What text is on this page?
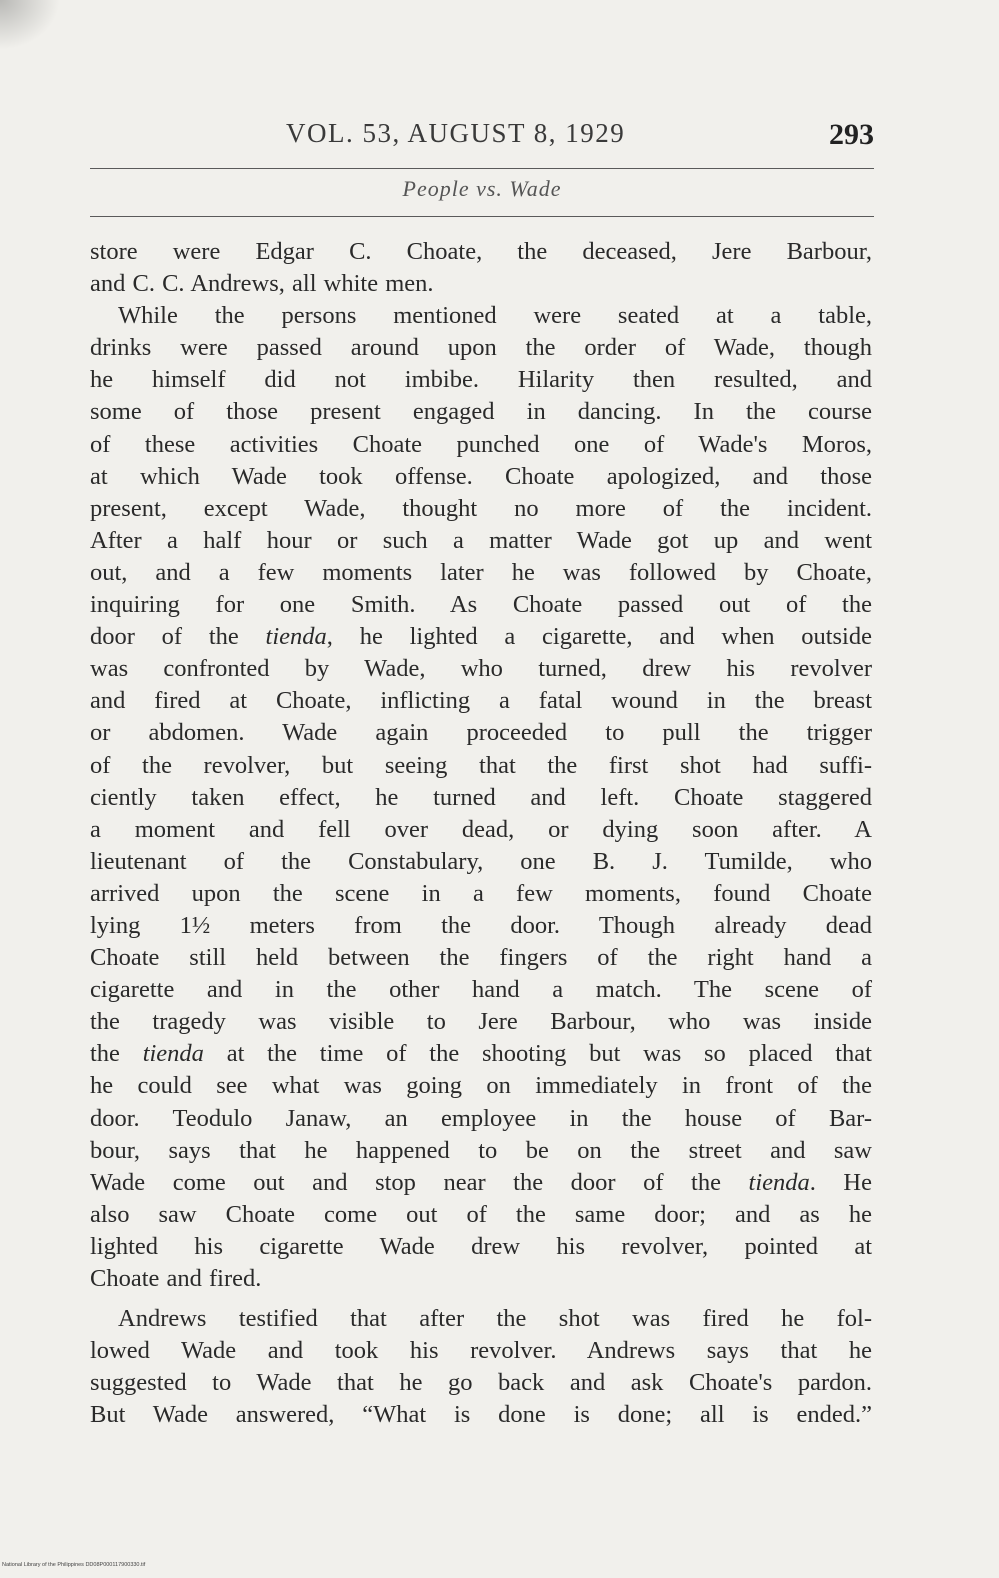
VOL. 53, AUGUST 8, 1929	293
People vs. Wade
store were Edgar C. Choate, the deceased, Jere Barbour,
and C. C. Andrews, all white men.
While the persons mentioned were seated at a table,
drinks were passed around upon the order of Wade, though
he himself did not imbibe. Hilarity then resulted, and
some of those present engaged in dancing. In the course
of these activities Choate punched one of Wade's Moros,
at which Wade took offense. Choate apologized, and those
present, except Wade, thought no more of the incident.
After a half hour or such a matter Wade got up and went
out, and a few moments later he was followed by Choate,
inquiring for one Smith. As Choate passed out of the
door of the tienda, he lighted a cigarette, and when outside
was confronted by Wade, who turned, drew his revolver
and fired at Choate, inflicting a fatal wound in the breast
or abdomen. Wade again proceeded to pull the trigger
of the revolver, but seeing that the first shot had suffi-
ciently taken effect, he turned and left. Choate staggered
a moment and fell over dead, or dying soon after. A
lieutenant of the Constabulary, one B. J. Tumilde, who
arrived upon the scene in a few moments, found Choate
lying 1½ meters from the door. Though already dead
Choate still held between the fingers of the right hand a
cigarette and in the other hand a match. The scene of
the tragedy was visible to Jere Barbour, who was inside
the tienda at the time of the shooting but was so placed that
he could see what was going on immediately in front of the
door. Teodulo Janaw, an employee in the house of Bar-
bour, says that he happened to be on the street and saw
Wade come out and stop near the door of the tienda. He
also saw Choate come out of the same door; and as he
lighted his cigarette Wade drew his revolver, pointed at
Choate and fired.
Andrews testified that after the shot was fired he fol-
lowed Wade and took his revolver. Andrews says that he
suggested to Wade that he go back and ask Choate's pardon.
But Wade answered, “What is done is done; all is ended.”
National Library of the Philippines DD08P000117900330.tif
